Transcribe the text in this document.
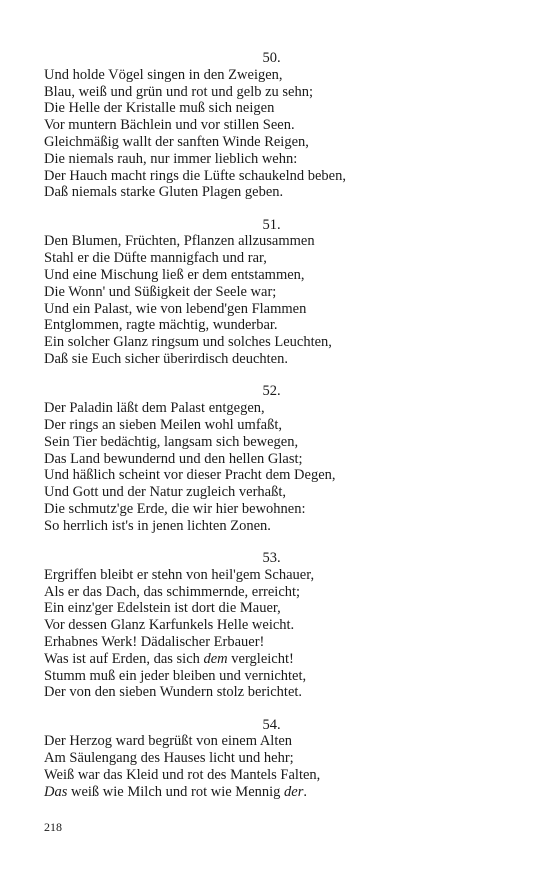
50.
Und holde Vögel singen in den Zweigen,
Blau, weiß und grün und rot und gelb zu sehn;
Die Helle der Kristalle muß sich neigen
Vor muntern Bächlein und vor stillen Seen.
Gleichmäßig wallt der sanften Winde Reigen,
Die niemals rauh, nur immer lieblich wehn:
Der Hauch macht rings die Lüfte schaukelnd beben,
Daß niemals starke Gluten Plagen geben.
51.
Den Blumen, Früchten, Pflanzen allzusammen
Stahl er die Düfte mannigfach und rar,
Und eine Mischung ließ er dem entstammen,
Die Wonn' und Süßigkeit der Seele war;
Und ein Palast, wie von lebend'gen Flammen
Entglommen, ragte mächtig, wunderbar.
Ein solcher Glanz ringsum und solches Leuchten,
Daß sie Euch sicher überirdisch deuchten.
52.
Der Paladin läßt dem Palast entgegen,
Der rings an sieben Meilen wohl umfaßt,
Sein Tier bedächtig, langsam sich bewegen,
Das Land bewundernd und den hellen Glast;
Und häßlich scheint vor dieser Pracht dem Degen,
Und Gott und der Natur zugleich verhaßt,
Die schmutz'ge Erde, die wir hier bewohnen:
So herrlich ist's in jenen lichten Zonen.
53.
Ergriffen bleibt er stehn von heil'gem Schauer,
Als er das Dach, das schimmernde, erreicht;
Ein einz'ger Edelstein ist dort die Mauer,
Vor dessen Glanz Karfunkels Helle weicht.
Erhabnes Werk! Dädalischer Erbauer!
Was ist auf Erden, das sich dem vergleicht!
Stumm muß ein jeder bleiben und vernichtet,
Der von den sieben Wundern stolz berichtet.
54.
Der Herzog ward begrüßt von einem Alten
Am Säulengang des Hauses licht und hehr;
Weiß war das Kleid und rot des Mantels Falten,
Das weiß wie Milch und rot wie Mennig der.
218
